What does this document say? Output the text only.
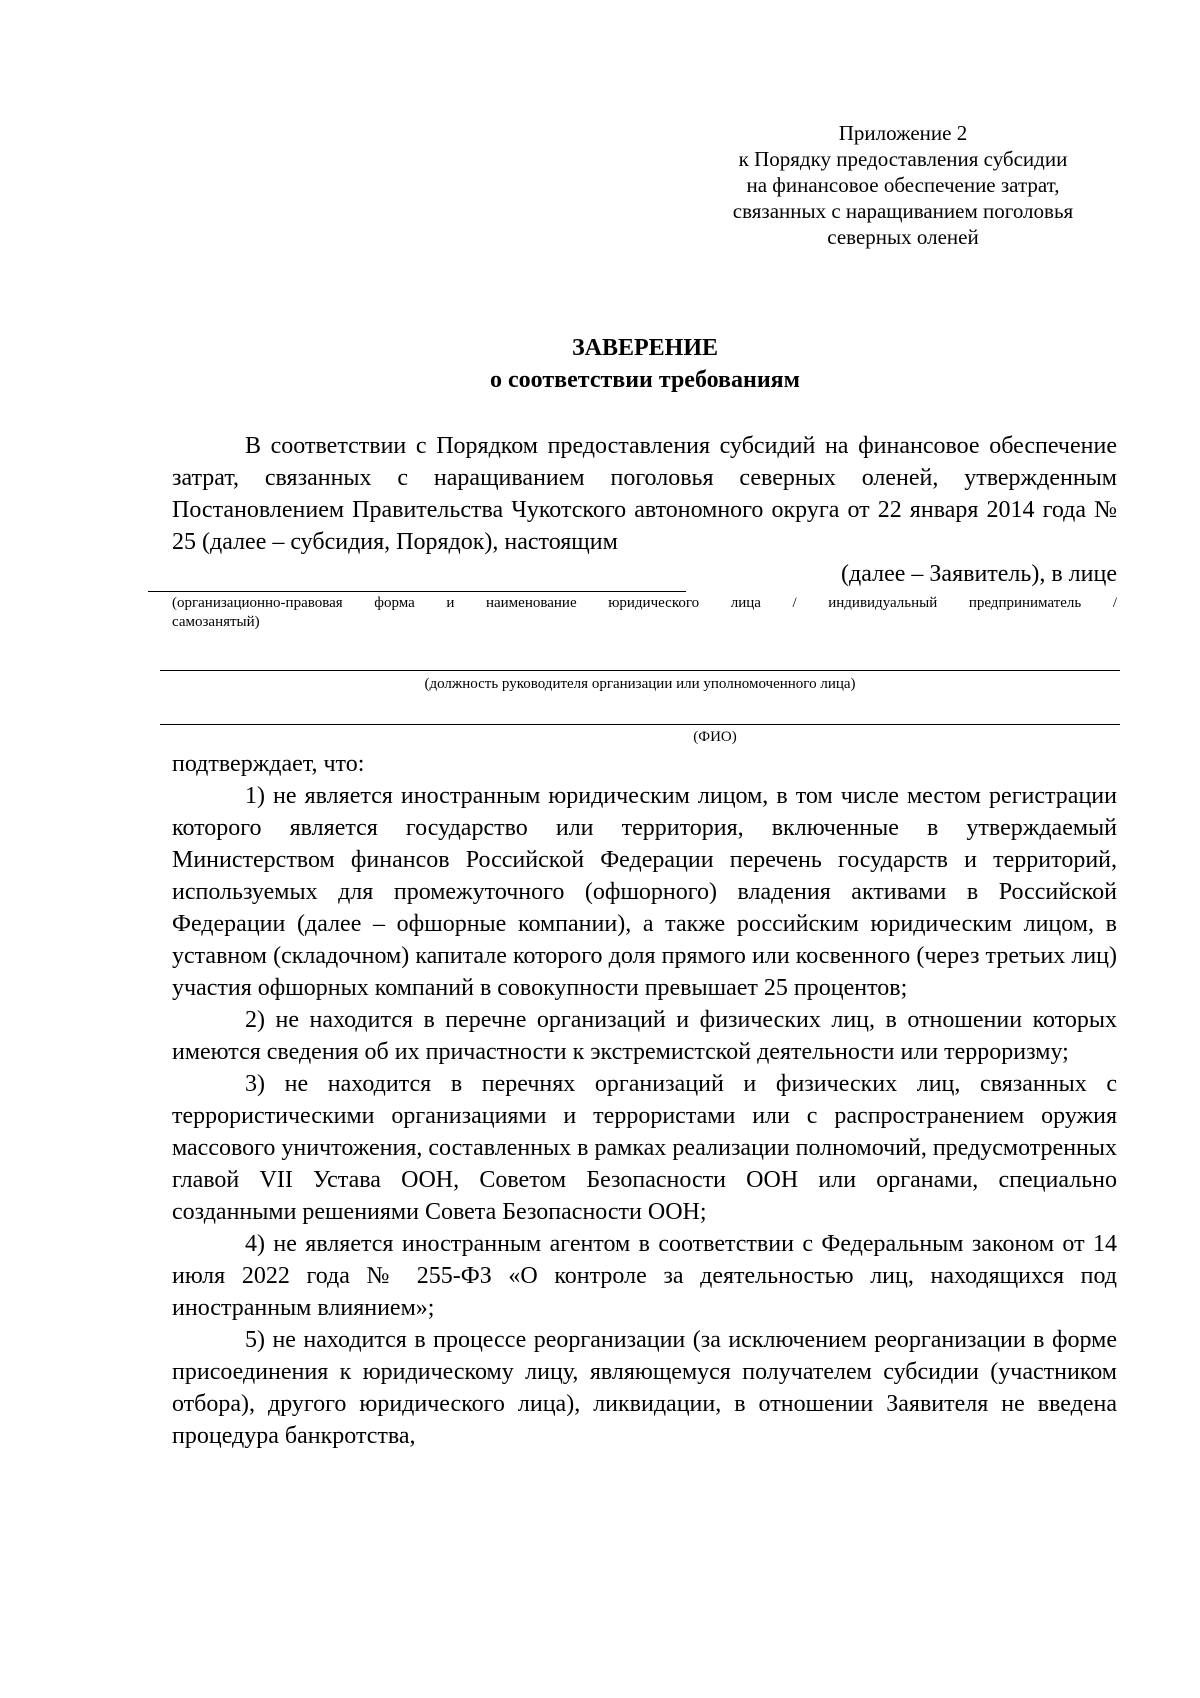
Приложение 2
к Порядку предоставления субсидии
на финансовое обеспечение затрат,
связанных с наращиванием поголовья
северных оленей
ЗАВЕРЕНИЕ
о соответствии требованиям
В соответствии с Порядком предоставления субсидий на финансовое обеспечение затрат, связанных с наращиванием поголовья северных оленей, утвержденным Постановлением Правительства Чукотского автономного округа от 22 января 2014 года № 25 (далее – субсидия, Порядок), настоящим
(далее – Заявитель), в лице
(организационно-правовая форма и наименование юридического лица / индивидуальный предприниматель /
самозанятый)
(должность руководителя организации или уполномоченного лица)
(ФИО)

подтверждает, что:

1) не является иностранным юридическим лицом, в том числе местом регистрации которого является государство или территория, включенные в утверждаемый Министерством финансов Российской Федерации перечень государств и территорий, используемых для промежуточного (офшорного) владения активами в Российской Федерации (далее – офшорные компании), а также российским юридическим лицом, в уставном (складочном) капитале которого доля прямого или косвенного (через третьих лиц) участия офшорных компаний в совокупности превышает 25 процентов;

2) не находится в перечне организаций и физических лиц, в отношении которых имеются сведения об их причастности к экстремистской деятельности или терроризму;

3) не находится в перечнях организаций и физических лиц, связанных с террористическими организациями и террористами или с распространением оружия массового уничтожения, составленных в рамках реализации полномочий, предусмотренных главой VII Устава ООН, Советом Безопасности ООН или органами, специально созданными решениями Совета Безопасности ООН;

4) не является иностранным агентом в соответствии с Федеральным законом от 14 июля 2022 года № 255-ФЗ «О контроле за деятельностью лиц, находящихся под иностранным влиянием»;

5) не находится в процессе реорганизации (за исключением реорганизации в форме присоединения к юридическому лицу, являющемуся получателем субсидии (участником отбора), другого юридического лица), ликвидации, в отношении Заявителя не введена процедура банкротства,
